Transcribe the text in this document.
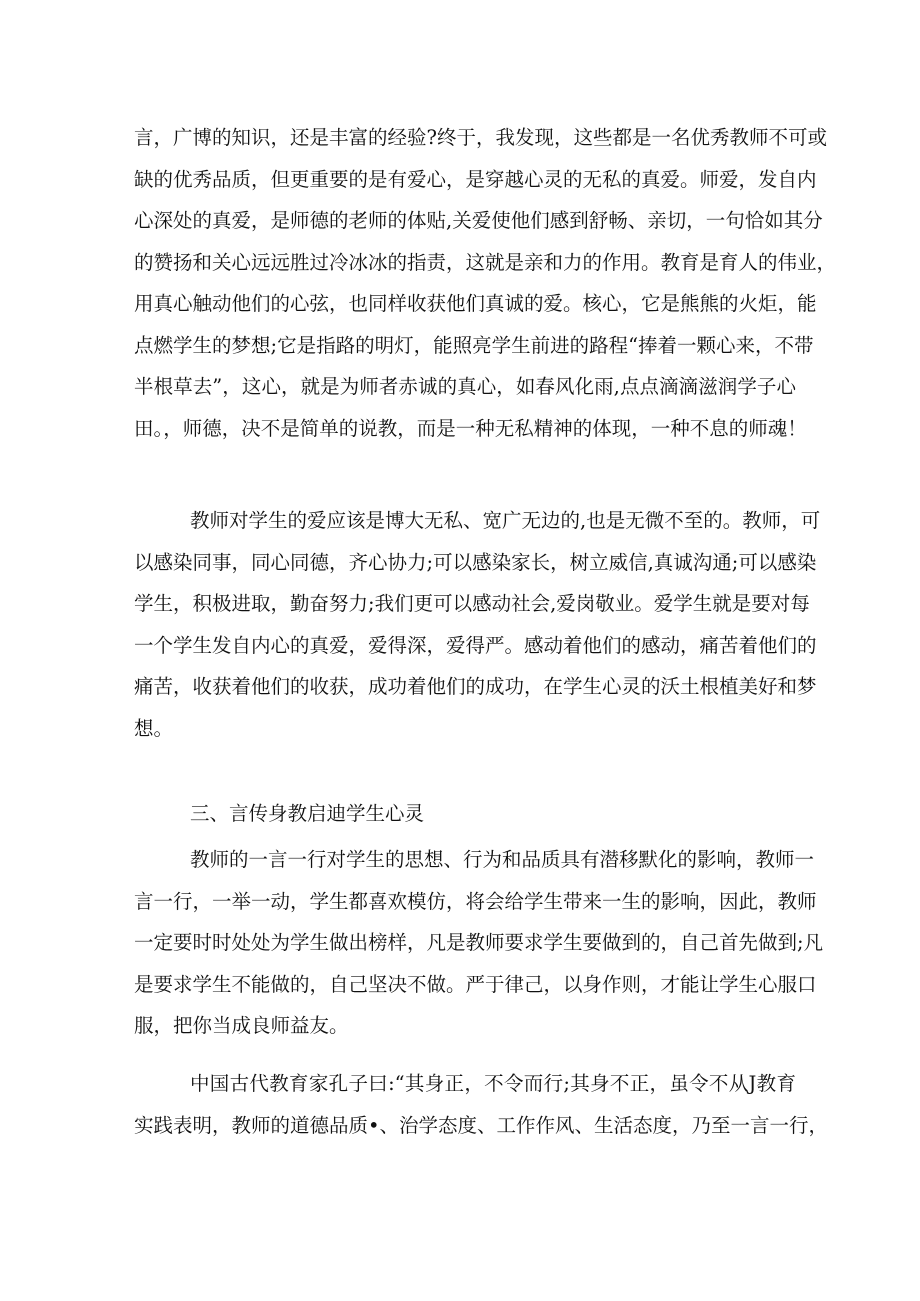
言，广博的知识，还是丰富的经验?终于，我发现，这些都是一名优秀教师不可或
缺的优秀品质，但更重要的是有爱心，是穿越心灵的无私的真爱。师爱，发自内
心深处的真爱，是师德的老师的体贴,关爱使他们感到舒畅、亲切，一句恰如其分
的赞扬和关心远远胜过冷冰冰的指责，这就是亲和力的作用。教育是育人的伟业，
用真心触动他们的心弦，也同样收获他们真诚的爱。核心，它是熊熊的火炬，能
点燃学生的梦想;它是指路的明灯，能照亮学生前进的路程“捧着一颗心来，不带
半根草去”，这心，就是为师者赤诚的真心，如春风化雨,点点滴滴滋润学子心
田。，师德，决不是简单的说教，而是一种无私精神的体现，一种不息的师魂！
教师对学生的爱应该是博大无私、宽广无边的,也是无微不至的。教师，可
以感染同事，同心同德，齐心协力;可以感染家长，树立威信,真诚沟通;可以感染
学生，积极进取，勤奋努力;我们更可以感动社会,爱岗敬业。爱学生就是要对每
一个学生发自内心的真爱，爱得深，爱得严。感动着他们的感动，痛苦着他们的
痛苦，收获着他们的收获，成功着他们的成功，在学生心灵的沃土根植美好和梦
想。
三、言传身教启迪学生心灵
教师的一言一行对学生的思想、行为和品质具有潜移默化的影响，教师一
言一行，一举一动，学生都喜欢模仿，将会给学生带来一生的影响，因此，教师
一定要时时处处为学生做出榜样，凡是教师要求学生要做到的，自己首先做到;凡
是要求学生不能做的，自己坚决不做。严于律己，以身作则，才能让学生心服口
服，把你当成良师益友。
中国古代教育家孔子曰:“其身正，不令而行;其身不正，虽令不从J教育
实践表明，教师的道德品质•、治学态度、工作作风、生活态度，乃至一言一行，
